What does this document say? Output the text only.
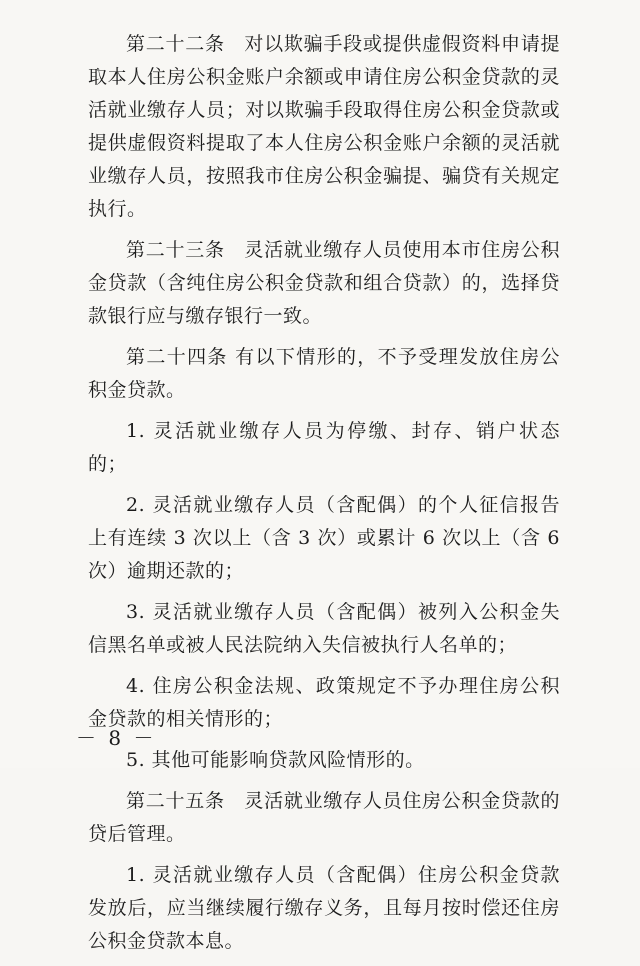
第二十二条　对以欺骗手段或提供虚假资料申请提取本人住房公积金账户余额或申请住房公积金贷款的灵活就业缴存人员；对以欺骗手段取得住房公积金贷款或提供虚假资料提取了本人住房公积金账户余额的灵活就业缴存人员，按照我市住房公积金骗提、骗贷有关规定执行。

第二十三条　灵活就业缴存人员使用本市住房公积金贷款（含纯住房公积金贷款和组合贷款）的，选择贷款银行应与缴存银行一致。

第二十四条 有以下情形的，不予受理发放住房公积金贷款。

1. 灵活就业缴存人员为停缴、封存、销户状态的；

2. 灵活就业缴存人员（含配偶）的个人征信报告上有连续 3 次以上（含 3 次）或累计 6 次以上（含 6 次）逾期还款的；

3. 灵活就业缴存人员（含配偶）被列入公积金失信黑名单或被人民法院纳入失信被执行人名单的；

4. 住房公积金法规、政策规定不予办理住房公积金贷款的相关情形的；

5. 其他可能影响贷款风险情形的。

第二十五条　灵活就业缴存人员住房公积金贷款的贷后管理。

1. 灵活就业缴存人员（含配偶）住房公积金贷款发放后，应当继续履行缴存义务，且每月按时偿还住房公积金贷款本息。

－ 8 －
